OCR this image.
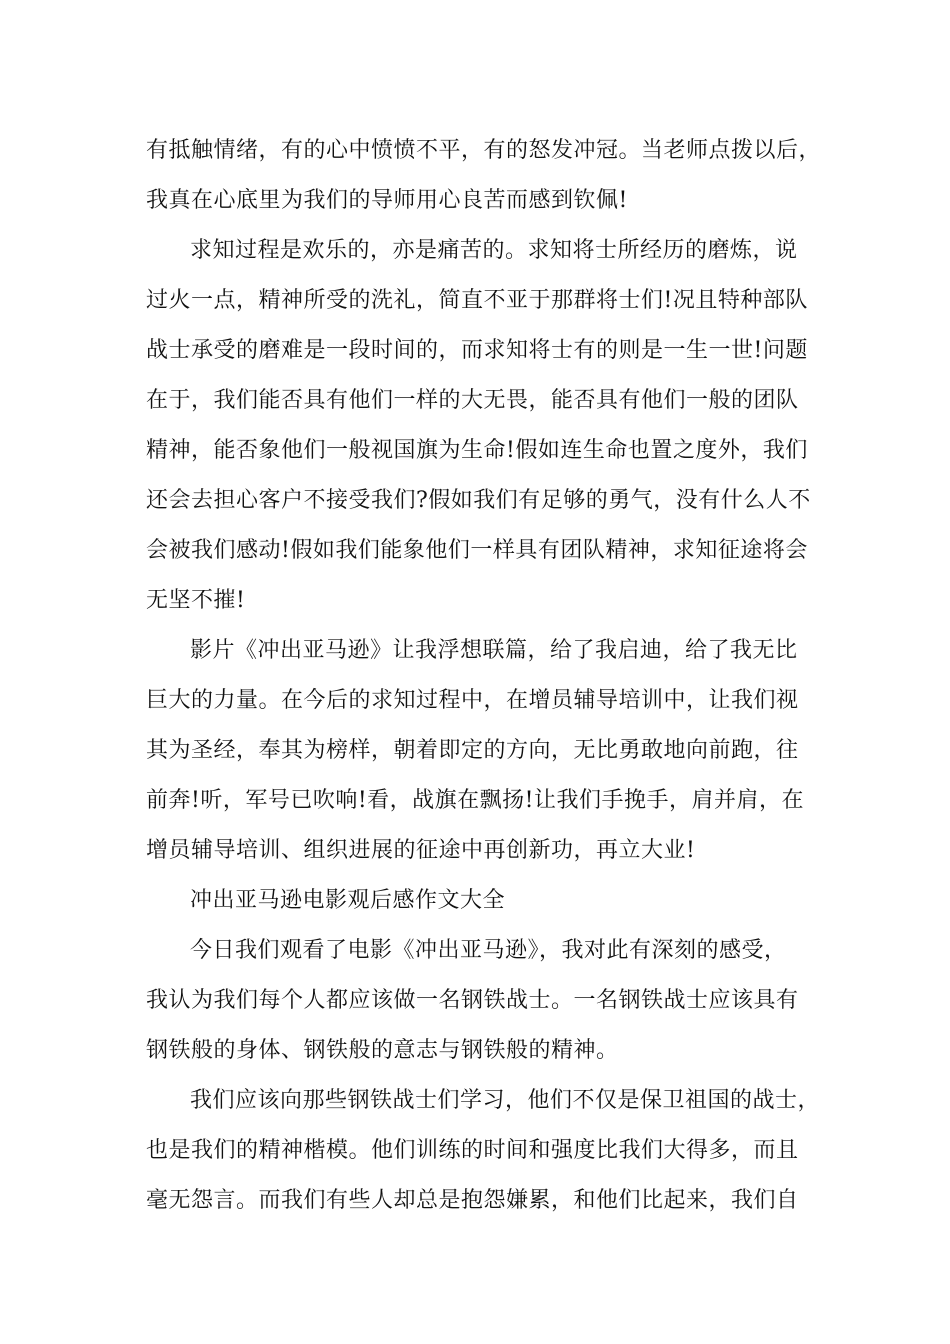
有抵触情绪，有的心中愤愤不平，有的怒发冲冠。当老师点拨以后，
我真在心底里为我们的导师用心良苦而感到钦佩!
求知过程是欢乐的，亦是痛苦的。求知将士所经历的磨炼，说
过火一点，精神所受的洗礼，简直不亚于那群将士们!况且特种部队
战士承受的磨难是一段时间的，而求知将士有的则是一生一世!问题
在于，我们能否具有他们一样的大无畏，能否具有他们一般的团队
精神，能否象他们一般视国旗为生命!假如连生命也置之度外，我们
还会去担心客户不接受我们?假如我们有足够的勇气，没有什么人不
会被我们感动!假如我们能象他们一样具有团队精神，求知征途将会
无坚不摧!
影片《冲出亚马逊》让我浮想联篇，给了我启迪，给了我无比
巨大的力量。在今后的求知过程中，在增员辅导培训中，让我们视
其为圣经，奉其为榜样，朝着即定的方向，无比勇敢地向前跑，往
前奔!听，军号已吹响!看，战旗在飘扬!让我们手挽手，肩并肩，在
增员辅导培训、组织进展的征途中再创新功，再立大业!
冲出亚马逊电影观后感作文大全
今日我们观看了电影《冲出亚马逊》，我对此有深刻的感受，
我认为我们每个人都应该做一名钢铁战士。一名钢铁战士应该具有
钢铁般的身体、钢铁般的意志与钢铁般的精神。
我们应该向那些钢铁战士们学习，他们不仅是保卫祖国的战士，
也是我们的精神楷模。他们训练的时间和强度比我们大得多，而且
毫无怨言。而我们有些人却总是抱怨嫌累，和他们比起来，我们自
